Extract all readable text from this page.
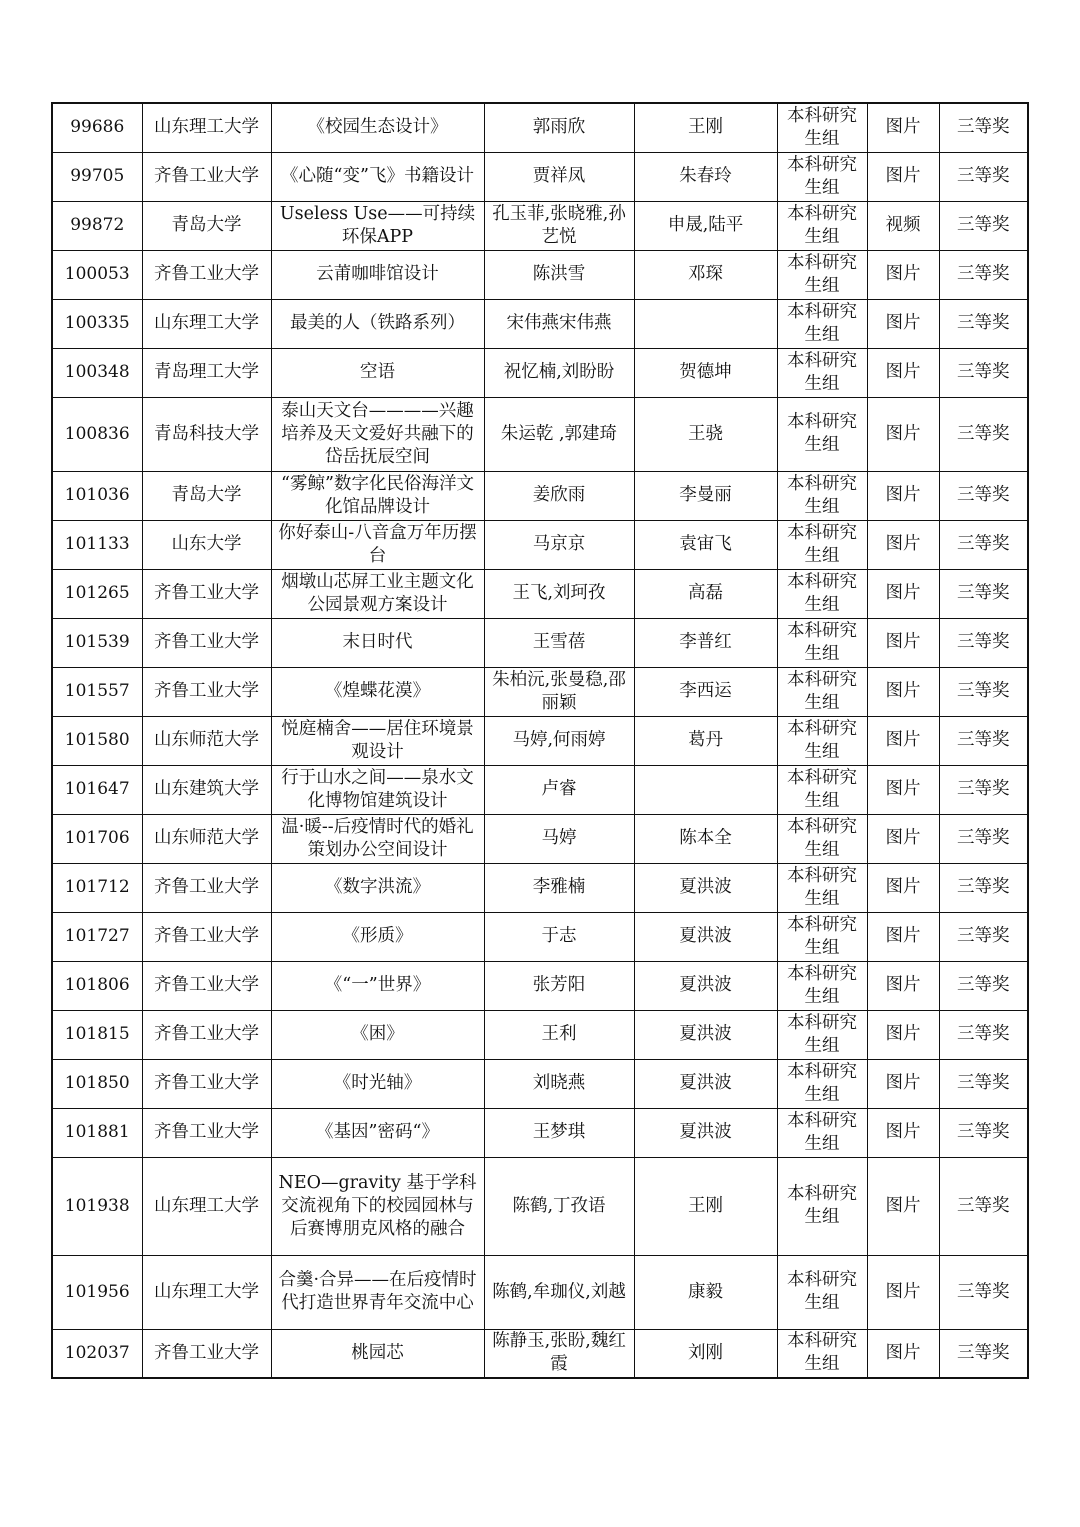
99686	山东理工大学	《校园生态设计》	郭雨欣	王刚	本科研究生组	图片	三等奖
99705	齐鲁工业大学	《心随“变”飞》书籍设计	贾祥凤	朱春玲	本科研究生组	图片	三等奖
99872	青岛大学	Useless Use——可持续环保APP	孔玉菲,张晓雅,孙艺悦	申晟,陆平	本科研究生组	视频	三等奖
100053	齐鲁工业大学	云莆咖啡馆设计	陈洪雪	邓琛	本科研究生组	图片	三等奖
100335	山东理工大学	最美的人（铁路系列）	宋伟燕宋伟燕		本科研究生组	图片	三等奖
100348	青岛理工大学	空语	祝忆楠,刘盼盼	贺德坤	本科研究生组	图片	三等奖
100836	青岛科技大学	泰山天文台————兴趣培养及天文爱好共融下的岱岳抚辰空间	朱运乾 ,郭建琦	王骁	本科研究生组	图片	三等奖
101036	青岛大学	“雾鲸”数字化民俗海洋文化馆品牌设计	姜欣雨	李曼丽	本科研究生组	图片	三等奖
101133	山东大学	你好泰山-八音盒万年历摆台	马京京	袁宙飞	本科研究生组	图片	三等奖
101265	齐鲁工业大学	烟墩山芯屏工业主题文化公园景观方案设计	王飞,刘珂孜	高磊	本科研究生组	图片	三等奖
101539	齐鲁工业大学	末日时代	王雪蓓	李普红	本科研究生组	图片	三等奖
101557	齐鲁工业大学	《煌蝶花漠》	朱柏沅,张曼稳,邵丽颖	李西运	本科研究生组	图片	三等奖
101580	山东师范大学	悦庭楠舍——居住环境景观设计	马婷,何雨婷	葛丹	本科研究生组	图片	三等奖
101647	山东建筑大学	行于山水之间——泉水文化博物馆建筑设计	卢睿		本科研究生组	图片	三等奖
101706	山东师范大学	温·暖--后疫情时代的婚礼策划办公空间设计	马婷	陈本全	本科研究生组	图片	三等奖
101712	齐鲁工业大学	《数字洪流》	李雅楠	夏洪波	本科研究生组	图片	三等奖
101727	齐鲁工业大学	《形质》	于志	夏洪波	本科研究生组	图片	三等奖
101806	齐鲁工业大学	《“一”世界》	张芳阳	夏洪波	本科研究生组	图片	三等奖
101815	齐鲁工业大学	《困》	王利	夏洪波	本科研究生组	图片	三等奖
101850	齐鲁工业大学	《时光轴》	刘晓燕	夏洪波	本科研究生组	图片	三等奖
101881	齐鲁工业大学	《基因”密码“》	王梦琪	夏洪波	本科研究生组	图片	三等奖
101938	山东理工大学	NEO—gravity 基于学科交流视角下的校园园林与后赛博朋克风格的融合	陈鹤,丁孜语	王刚	本科研究生组	图片	三等奖
101956	山东理工大学	合羹·合异——在后疫情时代打造世界青年交流中心	陈鹤,牟珈仪,刘越	康毅	本科研究生组	图片	三等奖
102037	齐鲁工业大学	桃园芯	陈静玉,张盼,魏红霞	刘刚	本科研究生组	图片	三等奖
